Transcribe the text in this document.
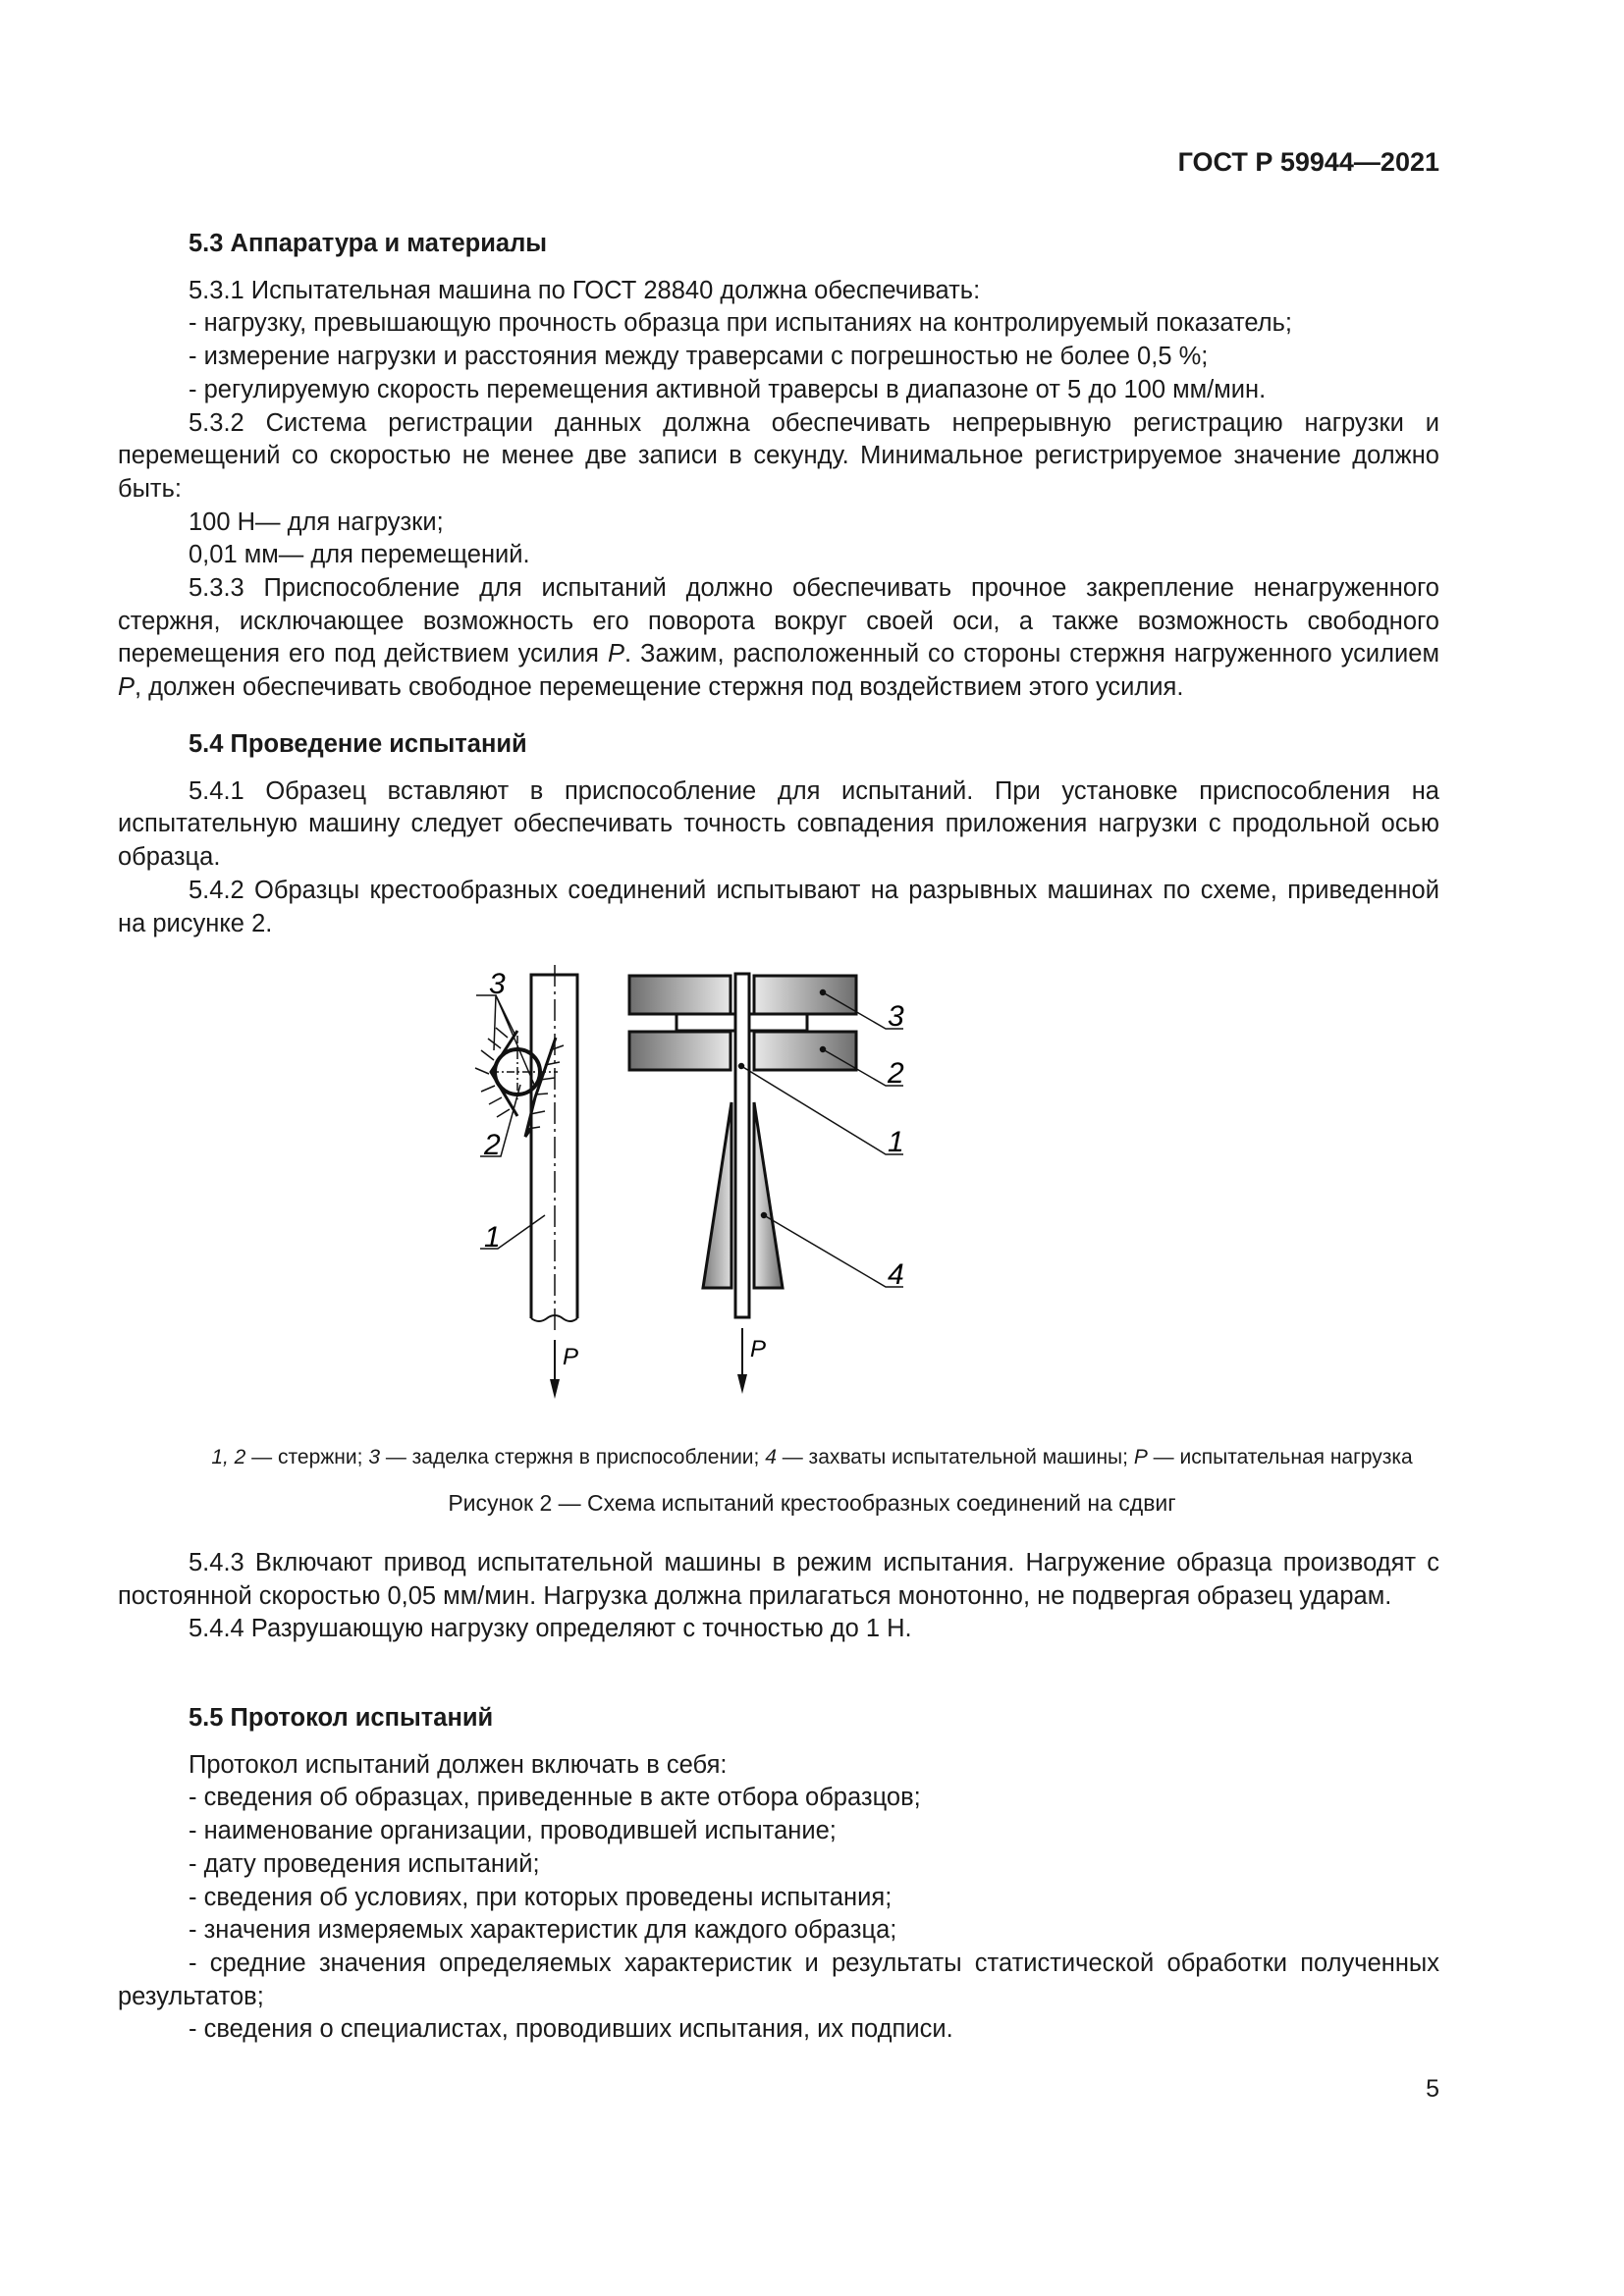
ГОСТ Р 59944—2021
5.3 Аппаратура и материалы

5.3.1 Испытательная машина по ГОСТ 28840 должна обеспечивать:

- нагрузку, превышающую прочность образца при испытаниях на контролируемый показатель;

- измерение нагрузки и расстояния между траверсами с погрешностью не более 0,5 %;

- регулируемую скорость перемещения активной траверсы в диапазоне от 5 до 100 мм/мин.

5.3.2 Система регистрации данных должна обеспечивать непрерывную регистрацию нагрузки и перемещений со скоростью не менее две записи в секунду. Минимальное регистрируемое значение должно быть:

100 Н— для нагрузки;

0,01 мм— для перемещений.

5.3.3 Приспособление для испытаний должно обеспечивать прочное закрепление ненагруженного стержня, исключающее возможность его поворота вокруг своей оси, а также возможность свободного перемещения его под действием усилия P. Зажим, расположенный со стороны стержня нагруженного усилием P, должен обеспечивать свободное перемещение стержня под воздействием этого усилия.

5.4 Проведение испытаний

5.4.1 Образец вставляют в приспособление для испытаний. При установке приспособления на испытательную машину следует обеспечивать точность совпадения приложения нагрузки с продольной осью образца.

5.4.2 Образцы крестообразных соединений испытывают на разрывных машинах по схеме, приведенной на рисунке 2.

3
2
1
P
3
2
1
4
P
1, 2 — стержни; 3 — заделка стержня в приспособлении; 4 — захваты испытательной машины; P — испытательная нагрузка
Рисунок 2 — Схема испытаний крестообразных соединений на сдвиг

5.4.3 Включают привод испытательной машины в режим испытания. Нагружение образца производят с постоянной скоростью 0,05 мм/мин. Нагрузка должна прилагаться монотонно, не подвергая образец ударам.

5.4.4 Разрушающую нагрузку определяют с точностью до 1 Н.

5.5 Протокол испытаний

Протокол испытаний должен включать в себя:

- сведения об образцах, приведенные в акте отбора образцов;

- наименование организации, проводившей испытание;

- дату проведения испытаний;

- сведения об условиях, при которых проведены испытания;

- значения измеряемых характеристик для каждого образца;

- средние значения определяемых характеристик и результаты статистической обработки полученных результатов;

- сведения о специалистах, проводивших испытания, их подписи.

5
